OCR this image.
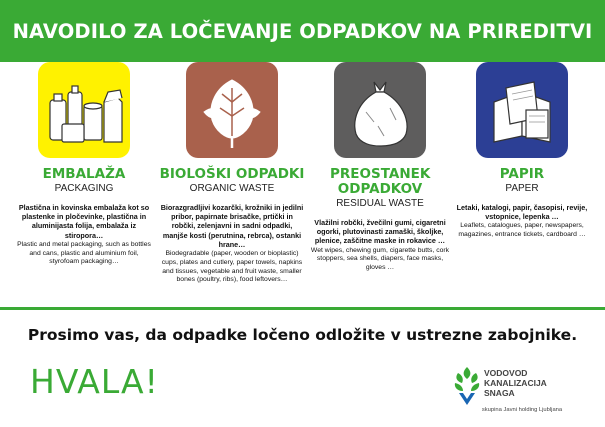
NAVODILO ZA LOČEVANJE ODPADKOV NA PRIREDITVI
EMBALAŽA
PACKAGING
Plastična in kovinska embalaža kot so plastenke in pločevinke, plastična in aluminijasta folija, embalaža iz stiropora…
Plastic and metal packaging, such as bottles and cans, plastic and aluminium foil, styrofoam packaging…
BIOLOŠKI ODPADKI
ORGANIC WASTE
Biorazgradljivi kozarčki, krožniki in jedilni pribor, papirnate brisačke, prtički in robčki, zelenjavni in sadni odpadki, manjše kosti (perutnina, rebrca), ostanki hrane…
Biodegradable (paper, wooden or bioplastic) cups, plates and cutlery, paper towels, napkins and tissues, vegetable and fruit waste, smaller bones (poultry, ribs), food leftovers…
PREOSTANEK ODPADKOV
RESIDUAL WASTE
Vlažilni robčki, žvečilni gumi, cigaretni ogorki, plutovinasti zamaški, školjke, plenice, zaščitne maske in rokavice …
Wet wipes, chewing gum, cigarette butts, cork stoppers, sea shells, diapers, face masks, gloves …
PAPIR
PAPER
Letaki, katalogi, papir, časopisi, revije, vstopnice, lepenka …
Leaflets, catalogues, paper, newspapers, magazines, entrance tickets, cardboard …
Prosimo vas, da odpadke ločeno odložite v ustrezne zabojnike.
HVALA!	VODOVOD
KANALIZACIJA
SNAGA
skupina Javni holding Ljubljana
